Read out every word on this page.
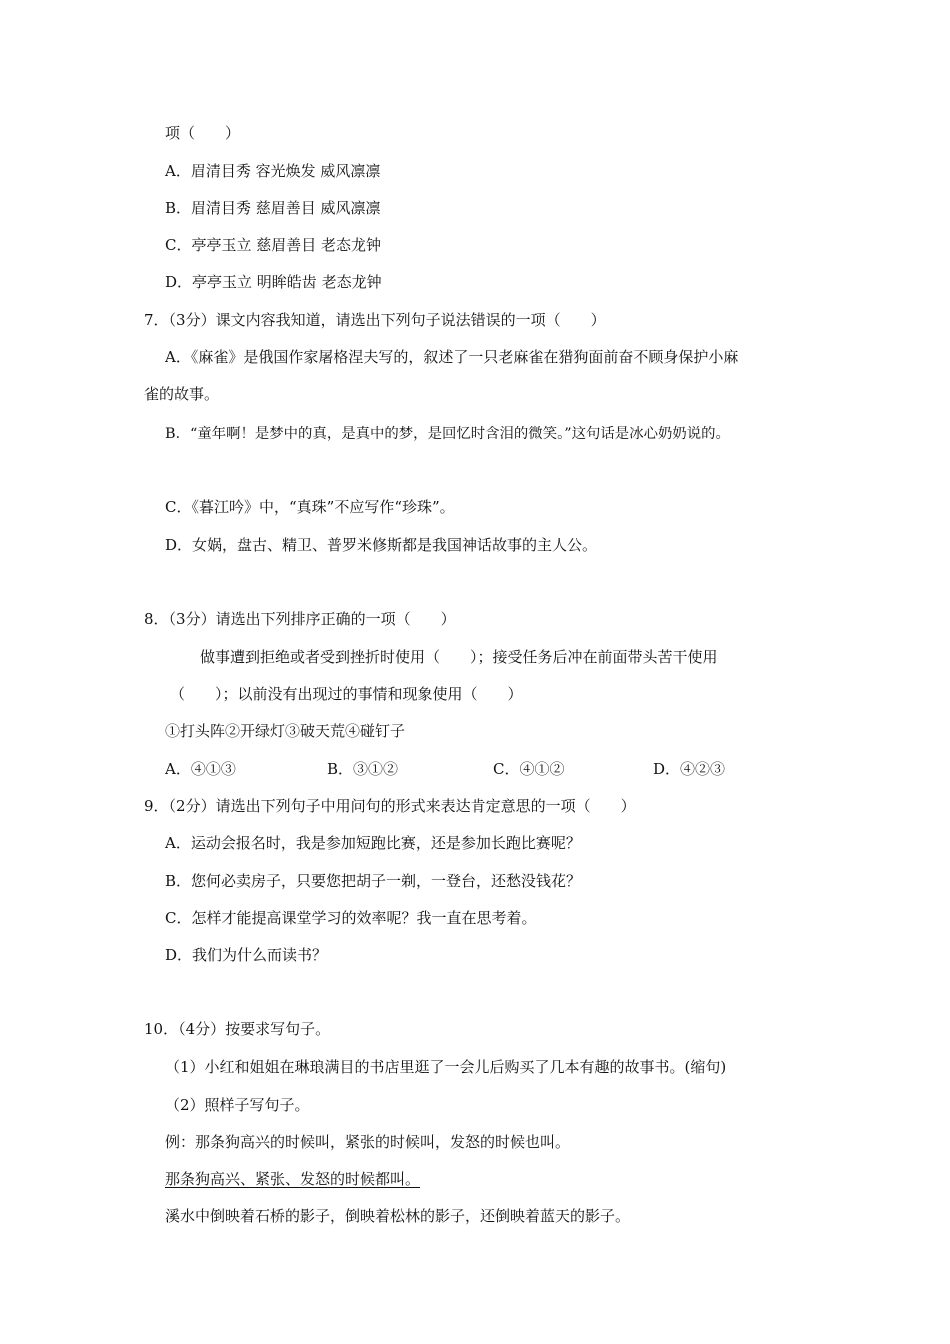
项（　　）
A．眉清目秀 容光焕发 威风凛凛
B．眉清目秀 慈眉善目 威风凛凛
C．亭亭玉立 慈眉善目 老态龙钟
D．亭亭玉立 明眸皓齿 老态龙钟
7．（3分）课文内容我知道，请选出下列句子说法错误的一项（　　）
A．《麻雀》是俄国作家屠格涅夫写的，叙述了一只老麻雀在猎狗面前奋不顾身保护小麻
雀的故事。
B．“童年啊！是梦中的真，是真中的梦，是回忆时含泪的微笑。”这句话是冰心奶奶说的。
C．《暮江吟》中，“真珠”不应写作“珍珠”。
D．女娲，盘古、精卫、普罗米修斯都是我国神话故事的主人公。
8．（3分）请选出下列排序正确的一项（　　）
做事遭到拒绝或者受到挫折时使用（　　）；接受任务后冲在前面带头苦干使用
（　　）；以前没有出现过的事情和现象使用（　　）
①打头阵②开绿灯③破天荒④碰钉子
A．④①③	B．③①②	C．④①②	D．④②③
9．（2分）请选出下列句子中用问句的形式来表达肯定意思的一项（　　）
A．运动会报名时，我是参加短跑比赛，还是参加长跑比赛呢？
B．您何必卖房子，只要您把胡子一剃，一登台，还愁没钱花？
C．怎样才能提高课堂学习的效率呢？我一直在思考着。
D．我们为什么而读书？
10．（4分）按要求写句子。
（1）小红和姐姐在琳琅满目的书店里逛了一会儿后购买了几本有趣的故事书。(缩句)
（2）照样子写句子。
例：那条狗高兴的时候叫，紧张的时候叫，发怒的时候也叫。
那条狗高兴、紧张、发怒的时候都叫。
溪水中倒映着石桥的影子，倒映着松林的影子，还倒映着蓝天的影子。
